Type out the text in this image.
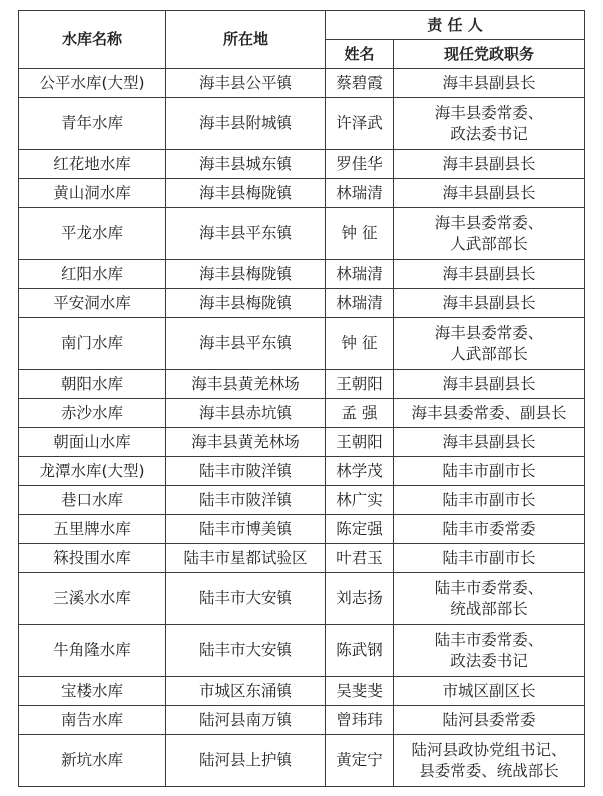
水库名称	所在地	责 任 人	
		姓名	现任党政职务
公平水库(大型)	海丰县公平镇	蔡碧霞	海丰县副县长

青年水库	海丰县附城镇	许泽武	海丰县委常委、
政法委书记

红花地水库	海丰县城东镇	罗佳华	海丰县副县长

黄山洞水库	海丰县梅陇镇	林瑞清	海丰县副县长

平龙水库	海丰县平东镇	钟 征	海丰县委常委、
人武部部长

红阳水库	海丰县梅陇镇	林瑞清	海丰县副县长

平安洞水库	海丰县梅陇镇	林瑞清	海丰县副县长

南门水库	海丰县平东镇	钟 征	海丰县委常委、
人武部部长

朝阳水库	海丰县黄羌林场	王朝阳	海丰县副县长

赤沙水库	海丰县赤坑镇	孟 强	海丰县委常委、副县长

朝面山水库	海丰县黄羌林场	王朝阳	海丰县副县长

龙潭水库(大型)	陆丰市陂洋镇	林学茂	陆丰市副市长

巷口水库	陆丰市陂洋镇	林广实	陆丰市副市长

五里牌水库	陆丰市博美镇	陈定强	陆丰市委常委

箖投围水库	陆丰市星都试验区	叶君玉	陆丰市副市长

三溪水水库	陆丰市大安镇	刘志扬	陆丰市委常委、
统战部部长

牛角隆水库	陆丰市大安镇	陈武钢	陆丰市委常委、
政法委书记

宝楼水库	市城区东涌镇	吴斐斐	市城区副区长

南告水库	陆河县南万镇	曾玮玮	陆河县委常委

新坑水库	陆河县上护镇	黄定宁	陆河县政协党组书记、
县委常委、统战部长
